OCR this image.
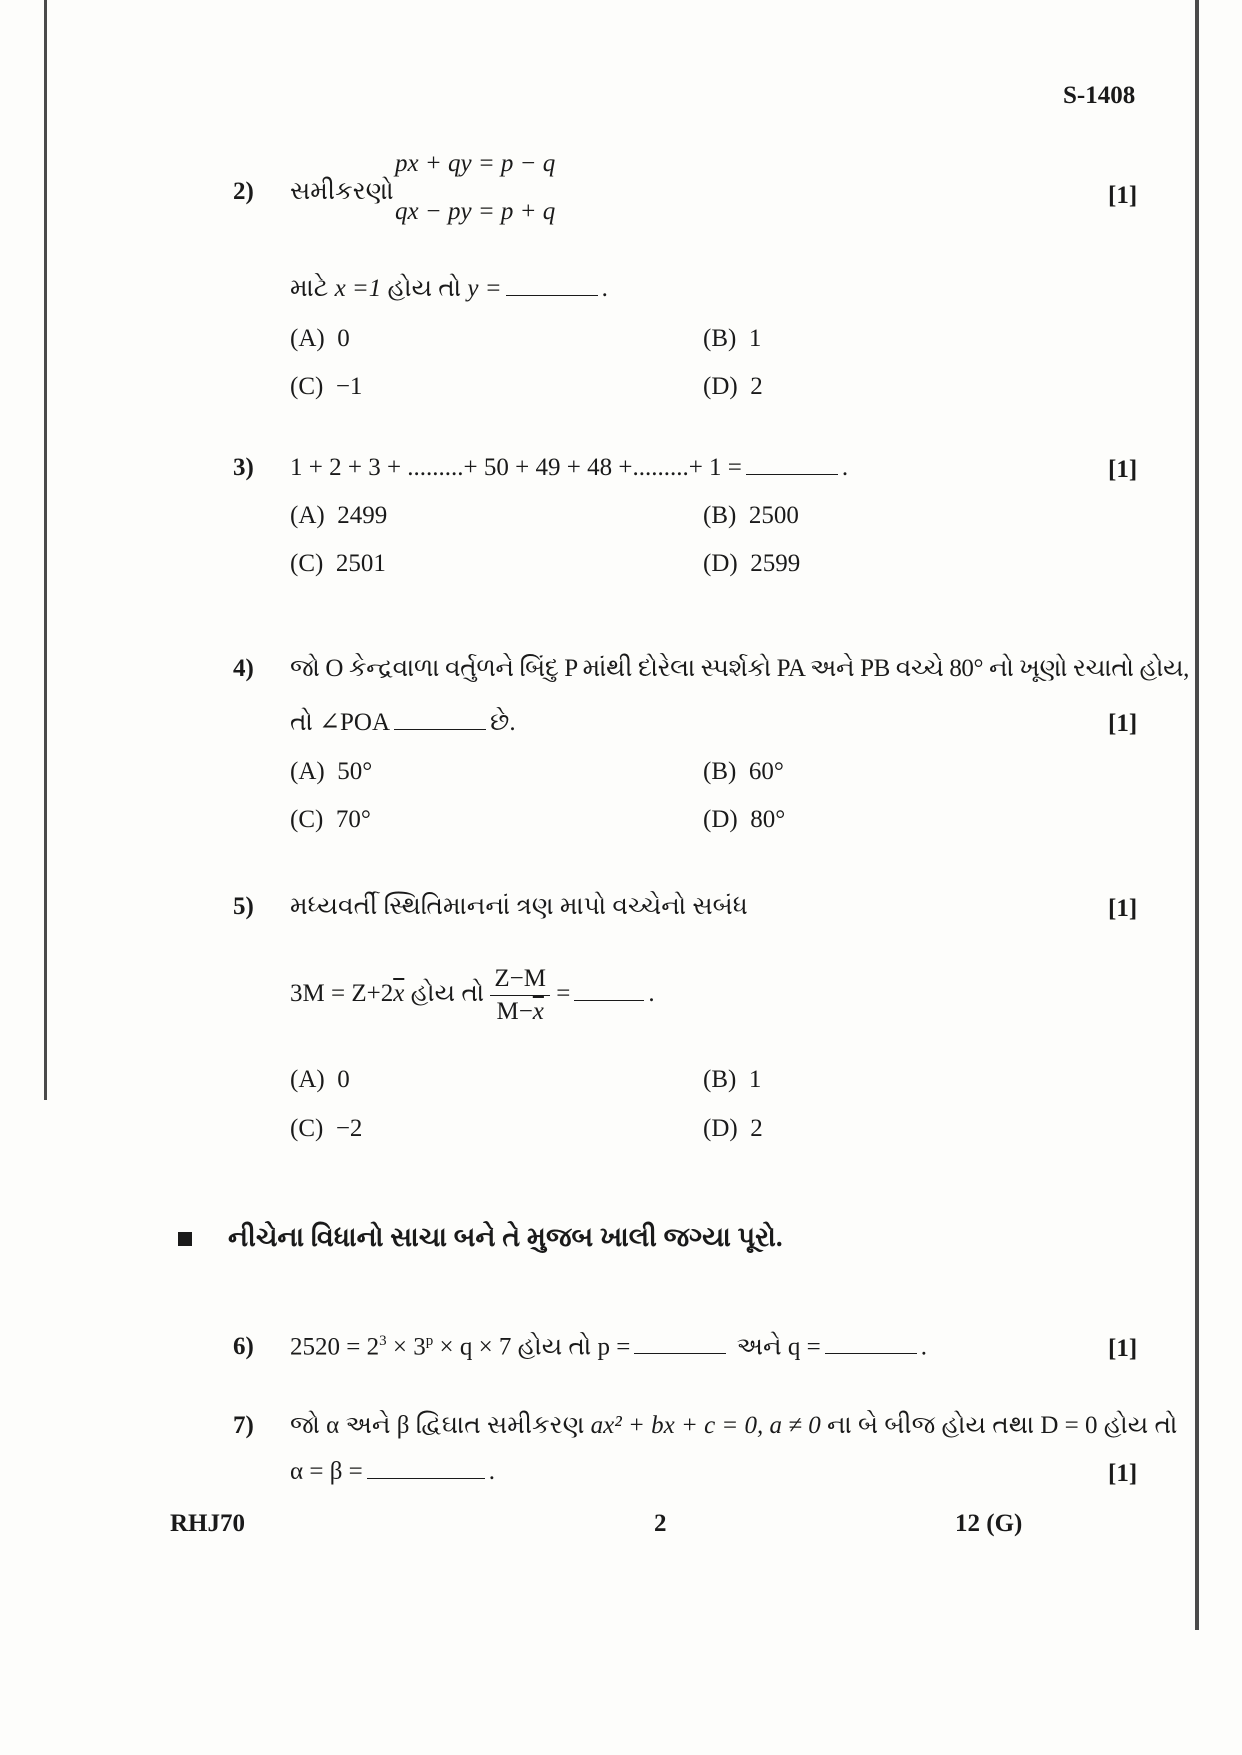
S-1408
2) સમીકરણો
px + qy = p − q
qx − py = p + q
[1]
માટે x =1 હોય તો y =	.
(A) 0	(B) 1
(C) −1	(D) 2
3) 1 + 2 + 3 + .........+ 50 + 49 + 48 +.........+ 1 =	.	[1]
(A) 2499	(B) 2500
(C) 2501	(D) 2599
4) જો O કેન્દ્રવાળા વર્તુળને બિંદુ P માંથી દોરેલા સ્પર્શકો PA અને PB વચ્ચે 80° નો ખૂણો રચાતો હોય,
તો ∠POA	છે.	[1]
(A) 50°	(B) 60°
(C) 70°	(D) 80°
5) મધ્યવર્તી સ્થિતિમાનનાં ત્રણ માપો વચ્ચેનો સબંધ	[1]
$3M = Z+2\overline{x}$ હોય તો $\frac{Z-M}{M-\overline{x}}$ =	.
(A) 0	(B) 1
(C) −2	(D) 2
નીચેના વિધાનો સાચા બને તે મુજબ ખાલી જગ્યા પૂરો.
6) $2520 = 2^3 \times 3^p \times q \times 7$ હોય તો p =	અને q =	.	[1]
7) જો α અને β દ્વિઘાત સમીકરણ ax² + bx + c = 0, a ≠ 0 ના બે બીજ હોય તથા D = 0 હોય તો
α = β =	.	[1]
RHJ70	2	12 (G)
